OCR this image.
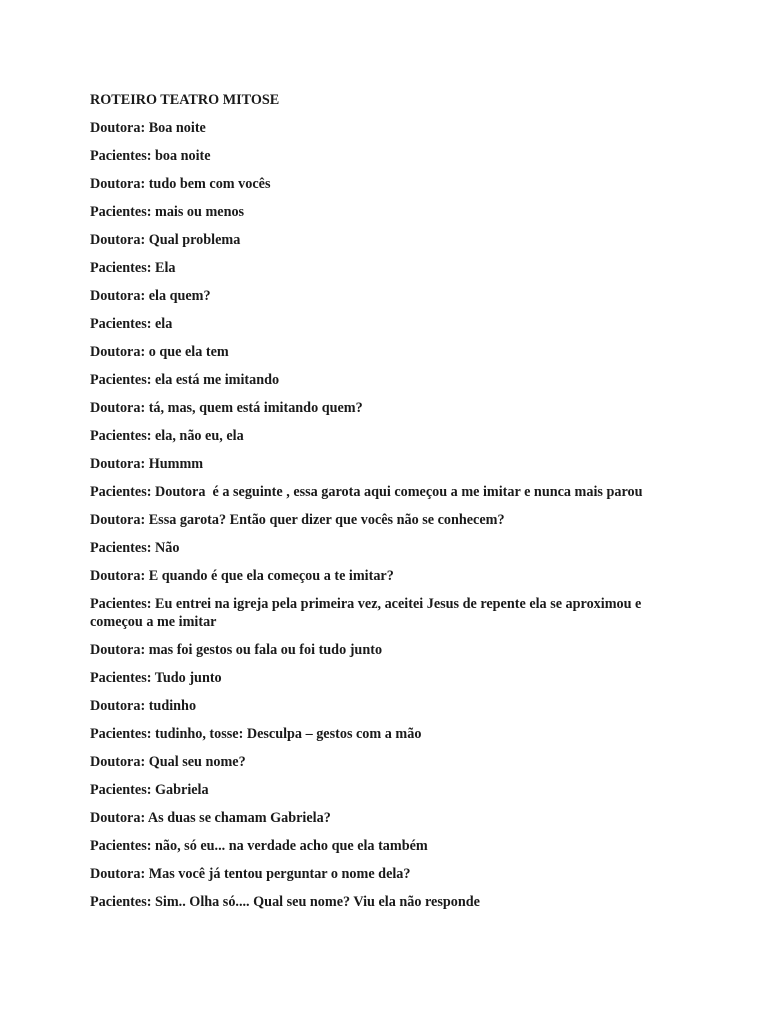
ROTEIRO TEATRO MITOSE
Doutora: Boa noite
Pacientes: boa noite
Doutora: tudo bem com vocês
Pacientes: mais ou menos
Doutora: Qual problema
Pacientes: Ela
Doutora: ela quem?
Pacientes: ela
Doutora: o que ela tem
Pacientes: ela está me imitando
Doutora: tá, mas, quem está imitando quem?
Pacientes: ela, não eu, ela
Doutora: Hummm
Pacientes: Doutora  é a seguinte , essa garota aqui começou a me imitar e nunca mais parou
Doutora: Essa garota? Então quer dizer que vocês não se conhecem?
Pacientes: Não
Doutora: E quando é que ela começou a te imitar?
Pacientes: Eu entrei na igreja pela primeira vez, aceitei Jesus de repente ela se aproximou e começou a me imitar
Doutora: mas foi gestos ou fala ou foi tudo junto
Pacientes: Tudo junto
Doutora: tudinho
Pacientes: tudinho, tosse: Desculpa – gestos com a mão
Doutora: Qual seu nome?
Pacientes: Gabriela
Doutora: As duas se chamam Gabriela?
Pacientes: não, só eu... na verdade acho que ela também
Doutora: Mas você já tentou perguntar o nome dela?
Pacientes: Sim.. Olha só.... Qual seu nome? Viu ela não responde
